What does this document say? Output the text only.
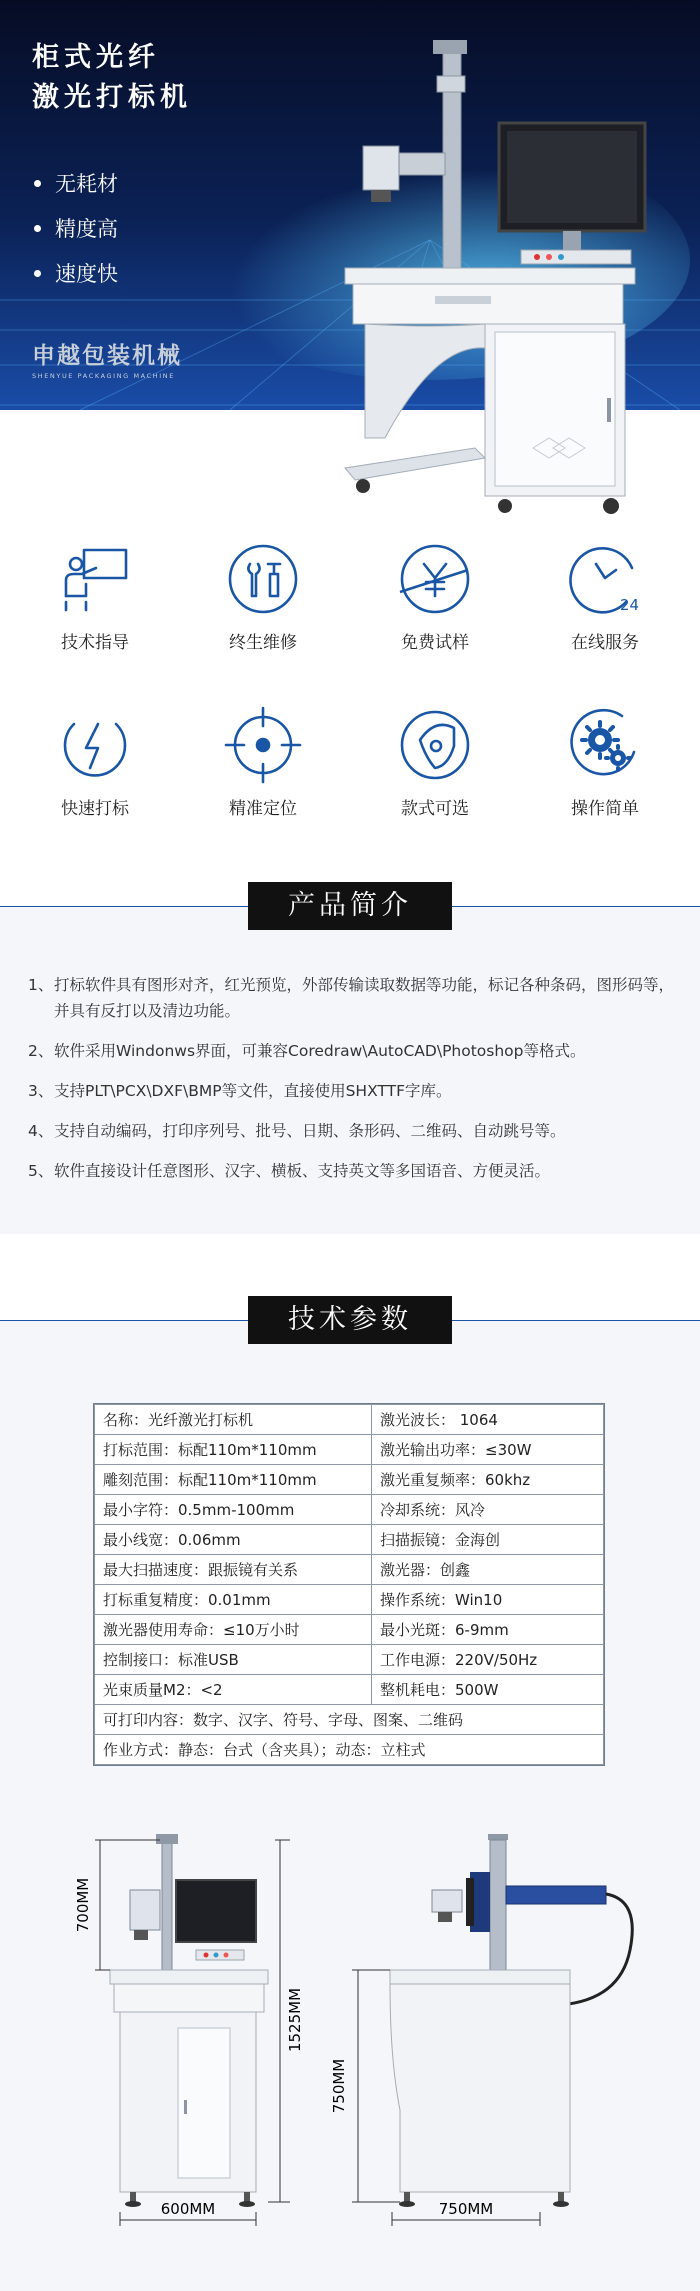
柜式光纤
激光打标机
无耗材
精度高
速度快
申越包装机械
SHENYUE PACKAGING MACHINE
技术指导	终生维修	免费试样
24
在线服务
快速打标	精准定位	款式可选	操作简单
产品简介

1、 打标软件具有图形对齐，红光预览，外部传输读取数据等功能，标记各种条码，图形码等，并具有反打以及清边功能。

2、 软件采用Windonws界面，可兼容Coredraw\AutoCAD\Photoshop等格式。

3、 支持PLT\PCX\DXF\BMP等文件，直接使用SHXTTF字库。

4、 支持自动编码，打印序列号、批号、日期、条形码、二维码、自动跳号等。

5、 软件直接设计任意图形、汉字、横板、支持英文等多国语音、方便灵活。

技术参数
名称：光纤激光打标机	激光波长： 1064
打标范围：标配110m*110mm	激光输出功率：≤30W
雕刻范围：标配110m*110mm	激光重复频率：60khz
最小字符：0.5mm-100mm	冷却系统：风冷
最小线宽：0.06mm	扫描振镜：金海创
最大扫描速度：跟振镜有关系	激光器：创鑫
打标重复精度：0.01mm	操作系统：Win10
激光器使用寿命：≤10万小时	最小光斑：6-9mm
控制接口：标准USB	工作电源：220V/50Hz
光束质量M2：<2	整机耗电：500W
可打印内容：数字、汉字、符号、字母、图案、二维码	
作业方式：静态：台式（含夹具）；动态：立柱式	
700MM
1525MM
600MM
750MM
750MM
